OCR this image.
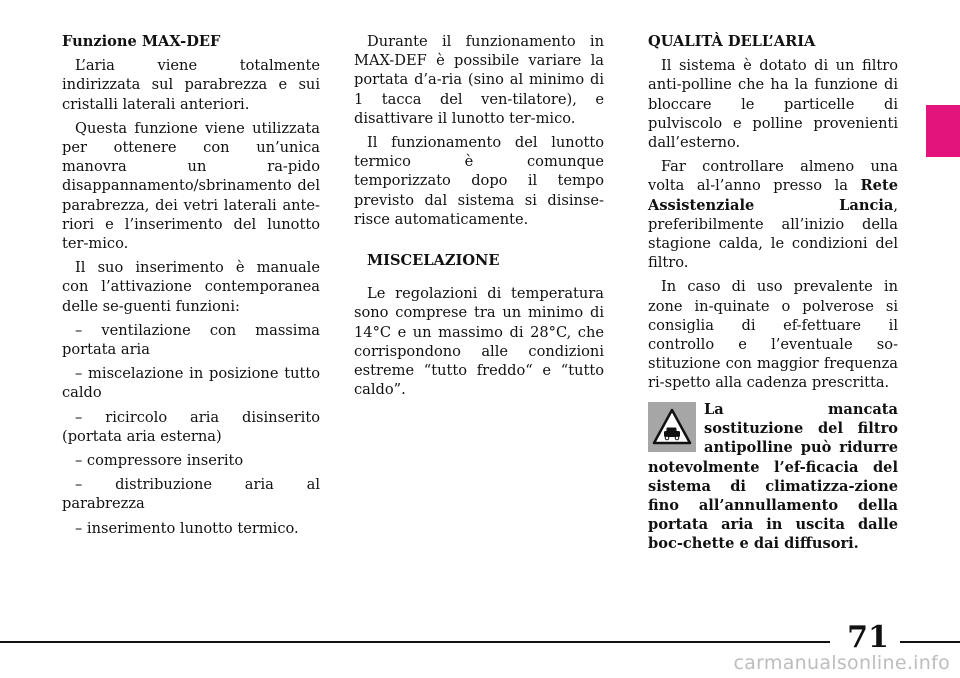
Funzione MAX-DEF

L’aria viene totalmente indirizzata sul parabrezza e sui cristalli laterali anteriori.

Questa funzione viene utilizzata per ottenere con un’unica manovra un ra-pido disappannamento/sbrinamento del parabrezza, dei vetri laterali ante-riori e l’inserimento del lunotto ter-mico.

Il suo inserimento è manuale con l’attivazione contemporanea delle se-guenti funzioni:

– ventilazione con massima portata aria

– miscelazione in posizione tutto caldo

– ricircolo aria disinserito (portata aria esterna)

– compressore inserito

– distribuzione aria al parabrezza

– inserimento lunotto termico.

Durante il funzionamento in MAX-DEF è possibile variare la portata d’a-ria (sino al minimo di 1 tacca del ven-tilatore), e disattivare il lunotto ter-mico.

Il funzionamento del lunotto termico è comunque temporizzato dopo il tempo previsto dal sistema si disinse-risce automaticamente.

MISCELAZIONE

Le regolazioni di temperatura sono comprese tra un minimo di 14°C e un massimo di 28°C, che corrispondono alle condizioni estreme “tutto freddo“ e “tutto caldo”.

QUALITÀ DELL’ARIA

Il sistema è dotato di un filtro anti-polline che ha la funzione di bloccare le particelle di pulviscolo e polline provenienti dall’esterno.

Far controllare almeno una volta al-l’anno presso la Rete Assistenziale Lancia, preferibilmente all’inizio della stagione calda, le condizioni del filtro.

In caso di uso prevalente in zone in-quinate o polverose si consiglia di ef-fettuare il controllo e l’eventuale so-stituzione con maggior frequenza ri-spetto alla cadenza prescritta.

La mancata sostituzione del filtro antipolline può ridurre notevolmente l’ef-ficacia del sistema di climatizza-zione fino all’annullamento della portata aria in uscita dalle boc-chette e dai diffusori.
71
carmanualsonline.info
